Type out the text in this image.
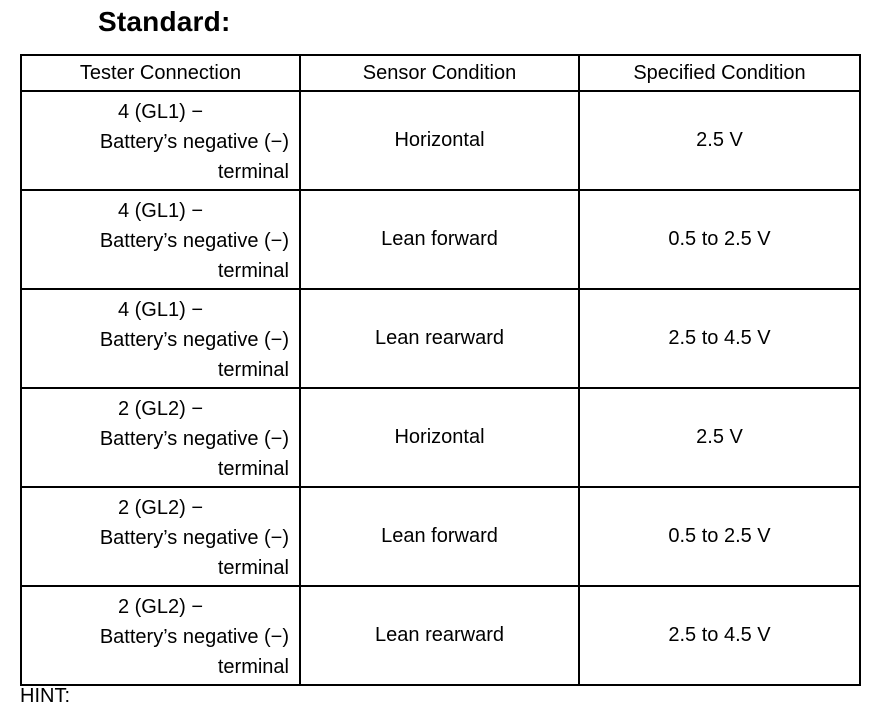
Standard:
Tester Connection	Sensor Condition	Specified Condition

4 (GL1) −
Battery’s negative (−)
terminal	Horizontal	2.5 V

4 (GL1) −
Battery’s negative (−)
terminal	Lean forward	0.5 to 2.5 V

4 (GL1) −
Battery’s negative (−)
terminal	Lean rearward	2.5 to 4.5 V

2 (GL2) −
Battery’s negative (−)
terminal	Horizontal	2.5 V

2 (GL2) −
Battery’s negative (−)
terminal	Lean forward	0.5 to 2.5 V

2 (GL2) −
Battery’s negative (−)
terminal	Lean rearward	2.5 to 4.5 V
HINT:
